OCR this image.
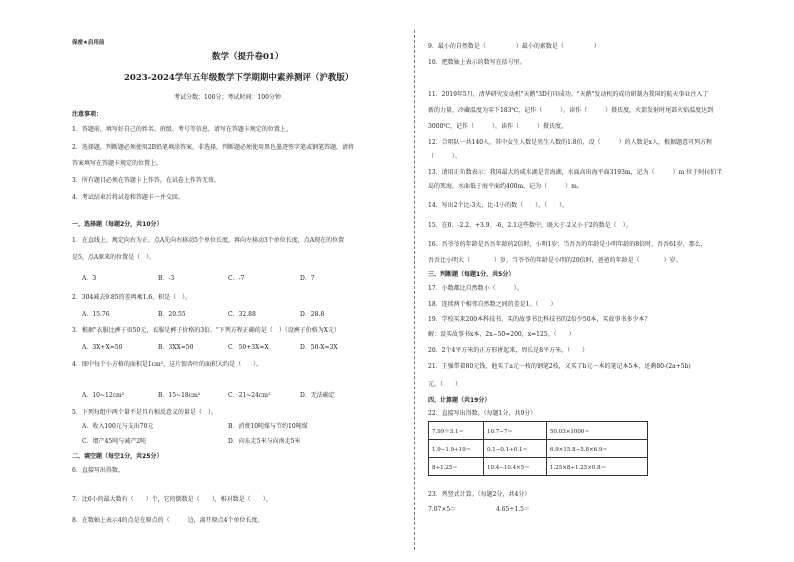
保密★启用前
数学（提升卷01）
2023-2024学年五年级数学下学期期中素养测评（沪教版）
考试分数：100分；考试时间：100分钟
注意事项：
1．答题前，填写好自己的姓名、班级、考号等信息，请写在答题卡规定的位置上。
2．选择题，判断题必须使用2B铅笔填涂答案，非选择，判断题必须使用黑色墨迹签字笔或钢笔答题，请将
答案填写在答题卡规定的位置上。
3．所有题目必须在答题卡上作答，在试卷上作答无效。
4．考试结束后将试卷和答题卡一并交回。
一、选择题（每题2分，共10分）
1．在直线上，规定向右为正，点A先向右移动5个单位长度，再向左移动3个单位长度，点A现在的位置
是5，点A原来的位置是（　）。
A．3	B．-3	C．-7	D．7
2．304减去9.85的差再乘1.6，积是（　）。
A．15.76	B．20.55	C．32.88	D．28.8
3．根据"衣服比裤子贵50元，衣服是裤子价格的3倍。"下列方程正确的是（　）（设裤子价格为X元）
A．3X+X=50	B．3XX=50	C．50+3X=X	D．50-X=3X
4．图中每个小方格的面积是1cm²，这片银杏叶的面积大约是（　　）。
A．10~12cm²	B．15~18cm²	C．21~24cm²	D．无法确定
5．下列每组中两个量不是具有相反意义的量是（　）。
A．收入100元与支出70元	B．消费10吨煤与节约10吨煤
C．增产45吨与减产2吨	D．向东走5米与向南走5米
二、填空题（每空1分，共25分）
6．直接写出得数。
7．比6小的最大数有（　　）个，它的倒数是（　　），相对数是（　　）。
8．在数轴上表示4的点是在原点的（　　　边，离开原点4个单位长度。
9．最小的自然数是（　　　　　）最小的素数是（　　　　　）
10．把数轴上表示的数写在括号里。
11．2019年5月，清华研究发动机"天鹅"3D打印成功。"天鹅"发动机的成功研制为我国的航天事业注入了
新的力量，冷藏温度为零下183℃，记作（　　　），读作（　　　）摄氏度。火箭发射时尾部火焰温度达到
3000℃，记作（　　　），读作（　　　）摄氏度。
12．合唱队一共140人，其中女生人数是男生人数的1.8倍，设（　　　）的人数是x人，根据题意可列方程
（　　　）。
13．请用正负数表示：我国最大的咸水湖是青海湖，水面高出海平面3193m，记为（　　　）m 位于阿拉伯半
岛的死海，水面低于海平面约400m，记为（　　　）m。
14．写出2个比-3大，比-1小的数（　　），（　　）。
15．在0、-2.2、+3.9、-6、2.1这些数中，既大于-2又小于2的数是（　）。
16．吾爷爷的年龄是吾吾年龄的2倍时，小明1岁；当吾吾的年龄是小明年龄的8倍时，吾吾61岁，那么，
吾吾比小明大（　　　　）岁，当爷爷的年龄是小明的20倍时，爸爸的年龄是（　　　　）岁。
三、判断题（每题1分，共5分）
17．小数都比自然数小（　　　）。
18．连续两个相邻自然数之间的差是1。（　　）
19．学校买来200本科技书，买的故事书比科技书的2倍少50本，买故事书多少本？
解：设买故事书x本，2x−50=200，x=125。（　　）
20．2个4平方米的正方形拼起来，周长是8平方米。（　　）
21．王强带着80元钱，他买了a元一枝的钢笔2枝，又买了b元一本的笔记本5本，还剩80-(2a+5b)
元。（　　）
四、计算题（共19分）
22．直接写出得数。（每题1分，共9分）
7.99＋3.1＝	10.7−7＝	50.03×1000＝
1.9−1.9÷19＝	0.1−0.1÷0.1＝	6.9×15.8−5.8×6.9＝
8÷1.25＝	10.4−10.4×5＝	1.25×8÷1.25×0.8＝
23．列竖式计算。（每题2分，共4分）
7.07×5＝	4.65÷1.5＝
